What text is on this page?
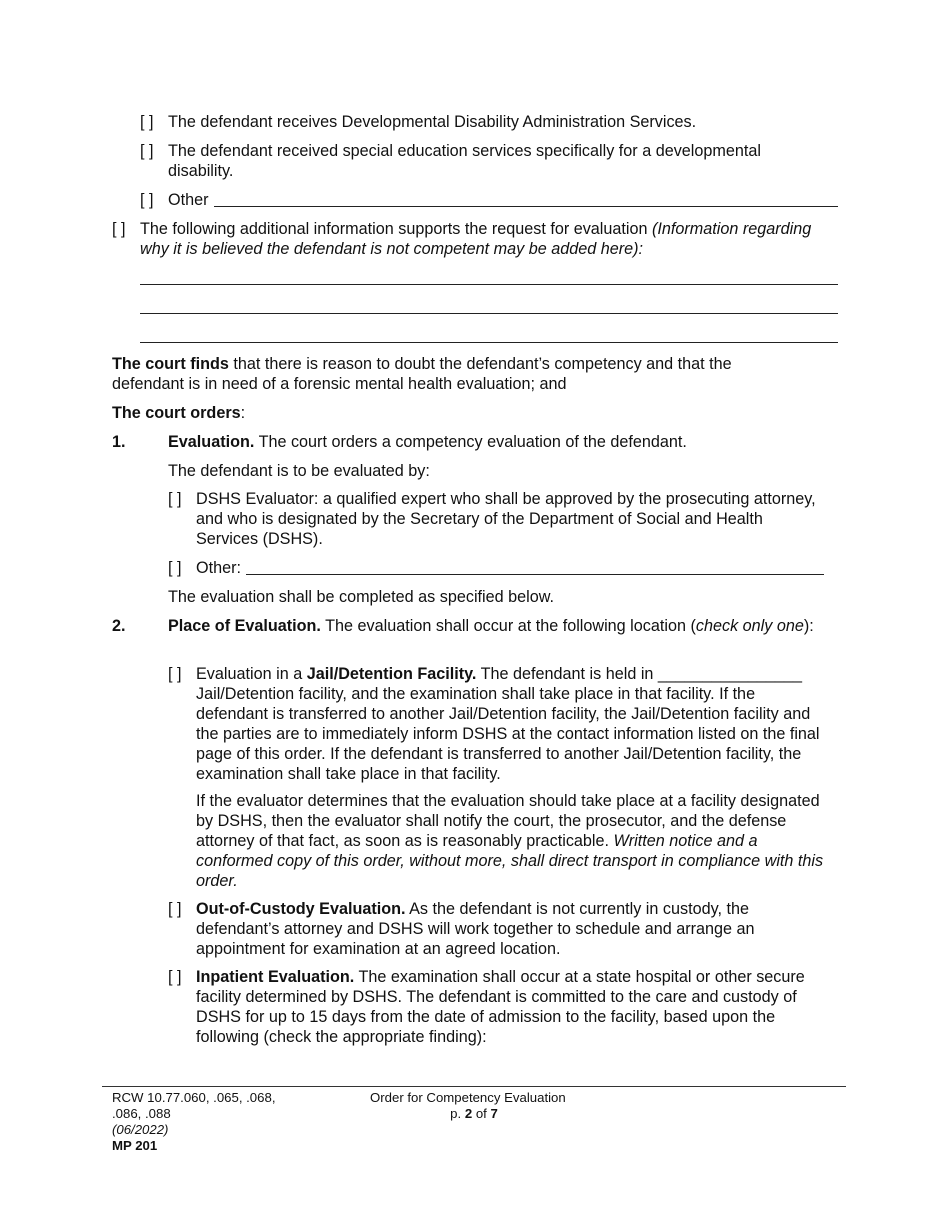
[ ] The defendant receives Developmental Disability Administration Services.
[ ] The defendant received special education services specifically for a developmental disability.
[ ] Other
[ ] The following additional information supports the request for evaluation (Information regarding why it is believed the defendant is not competent may be added here):
The court finds that there is reason to doubt the defendant’s competency and that the defendant is in need of a forensic mental health evaluation; and
The court orders:
1.	Evaluation. The court orders a competency evaluation of the defendant.
The defendant is to be evaluated by:
[ ] DSHS Evaluator: a qualified expert who shall be approved by the prosecuting attorney, and who is designated by the Secretary of the Department of Social and Health Services (DSHS).
[ ] Other:
The evaluation shall be completed as specified below.
2.	Place of Evaluation. The evaluation shall occur at the following location (check only one):
[ ] Evaluation in a Jail/Detention Facility. The defendant is held in ________________ Jail/Detention facility, and the examination shall take place in that facility. If the defendant is transferred to another Jail/Detention facility, the Jail/Detention facility and the parties are to immediately inform DSHS at the contact information listed on the final page of this order. If the defendant is transferred to another Jail/Detention facility, the examination shall take place in that facility.
If the evaluator determines that the evaluation should take place at a facility designated by DSHS, then the evaluator shall notify the court, the prosecutor, and the defense attorney of that fact, as soon as is reasonably practicable. Written notice and a conformed copy of this order, without more, shall direct transport in compliance with this order.
[ ] Out-of-Custody Evaluation. As the defendant is not currently in custody, the defendant’s attorney and DSHS will work together to schedule and arrange an appointment for examination at an agreed location.
[ ] Inpatient Evaluation. The examination shall occur at a state hospital or other secure facility determined by DSHS. The defendant is committed to the care and custody of DSHS for up to 15 days from the date of admission to the facility, based upon the following (check the appropriate finding):
RCW 10.77.060, .065, .068,
.086, .088
(06/2022)
MP 201
Order for Competency Evaluation
p. 2 of 7
